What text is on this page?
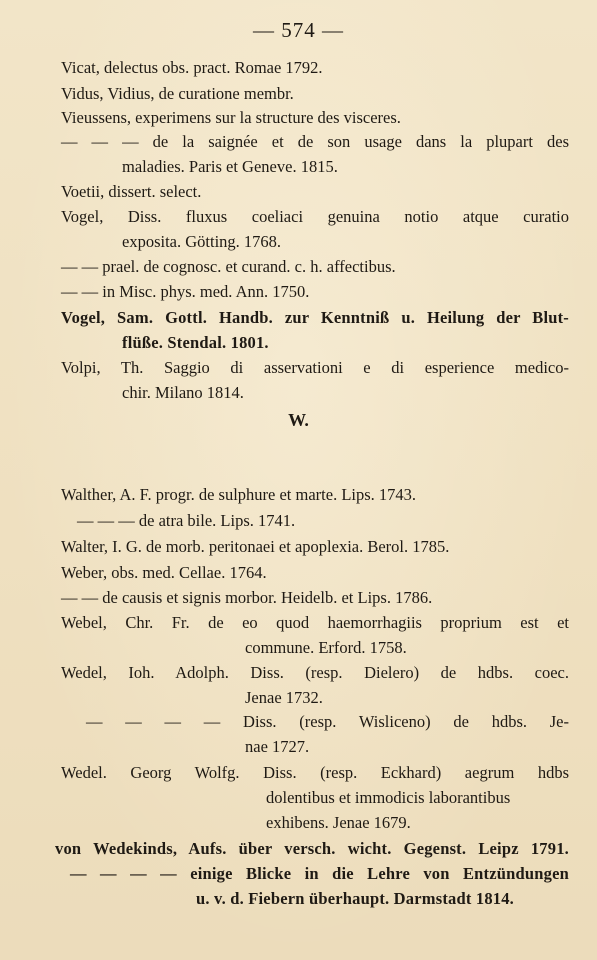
— 574 —
Vicat, delectus obs. pract. Romae 1792.
Vidus, Vidius, de curatione membr.
Vieussens, experimens sur la structure des visceres.
— — — de la saignée et de son usage dans la plupart des
maladies. Paris et Geneve. 1815.
Voetii, dissert. select.
Vogel, Diss. fluxus coeliaci genuina notio atque curatio
exposita. Götting. 1768.
— — prael. de cognosc. et curand. c. h. affectibus.
— — in Misc. phys. med. Ann. 1750.
Vogel, Sam. Gottl. Handb. zur Kenntniß u. Heilung der Blut-
flüße. Stendal. 1801.
Volpi, Th. Saggio di asservationi e di esperience medico-
chir. Milano 1814.
W.
Walther, A. F. progr. de sulphure et marte. Lips. 1743.
— — — de atra bile. Lips. 1741.
Walter, I. G. de morb. peritonaei et apoplexia. Berol. 1785.
Weber, obs. med. Cellae. 1764.
— — de causis et signis morbor. Heidelb. et Lips. 1786.
Webel, Chr. Fr. de eo quod haemorrhagiis proprium est et
commune. Erford. 1758.
Wedel, Ioh. Adolph. Diss. (resp. Dielero) de hdbs. coec.
Jenae 1732.
— — — — Diss. (resp. Wisliceno) de hdbs. Je-
nae 1727.
Wedel. Georg Wolfg. Diss. (resp. Eckhard) aegrum hdbs
dolentibus et immodicis laborantibus
exhibens. Jenae 1679.
von Wedekinds, Aufs. über versch. wicht. Gegenst. Leipz 1791.
— — — — einige Blicke in die Lehre von Entzündungen
u. v. d. Fiebern überhaupt. Darmstadt 1814.
